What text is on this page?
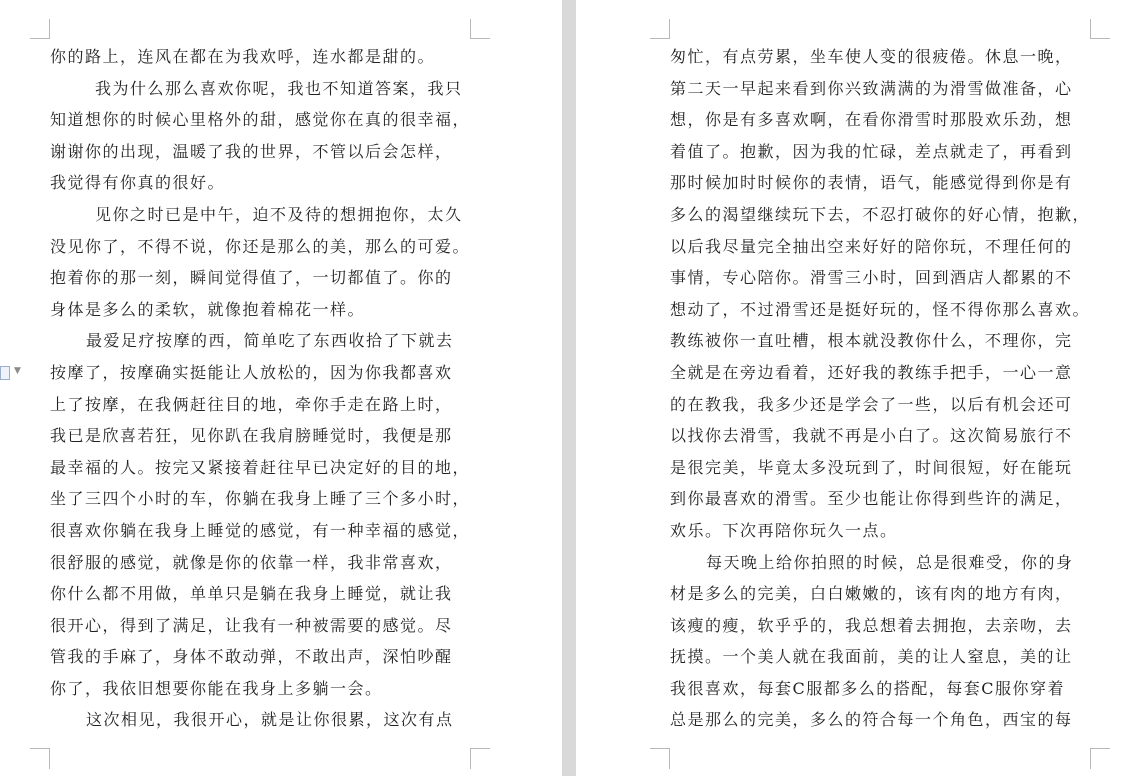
你的路上，连风在都在为我欢呼，连水都是甜的。
我为什么那么喜欢你呢，我也不知道答案，我只
知道想你的时候心里格外的甜，感觉你在真的很幸福，
谢谢你的出现，温暖了我的世界，不管以后会怎样，
我觉得有你真的很好。
见你之时已是中午，迫不及待的想拥抱你，太久
没见你了，不得不说，你还是那么的美，那么的可爱。
抱着你的那一刻，瞬间觉得值了，一切都值了。你的
身体是多么的柔软，就像抱着棉花一样。
最爱足疗按摩的西，简单吃了东西收拾了下就去
按摩了，按摩确实挺能让人放松的，因为你我都喜欢
上了按摩，在我俩赶往目的地，牵你手走在路上时，
我已是欣喜若狂，见你趴在我肩膀睡觉时，我便是那
最幸福的人。按完又紧接着赶往早已决定好的目的地，
坐了三四个小时的车，你躺在我身上睡了三个多小时，
很喜欢你躺在我身上睡觉的感觉，有一种幸福的感觉，
很舒服的感觉，就像是你的依靠一样，我非常喜欢，
你什么都不用做，单单只是躺在我身上睡觉，就让我
很开心，得到了满足，让我有一种被需要的感觉。尽
管我的手麻了，身体不敢动弹，不敢出声，深怕吵醒
你了，我依旧想要你能在我身上多躺一会。
这次相见，我很开心，就是让你很累，这次有点
▼
匆忙，有点劳累，坐车使人变的很疲倦。休息一晚，
第二天一早起来看到你兴致满满的为滑雪做准备，心
想，你是有多喜欢啊，在看你滑雪时那股欢乐劲，想
着值了。抱歉，因为我的忙碌，差点就走了，再看到
那时候加时时候你的表情，语气，能感觉得到你是有
多么的渴望继续玩下去，不忍打破你的好心情，抱歉，
以后我尽量完全抽出空来好好的陪你玩，不理任何的
事情，专心陪你。滑雪三小时，回到酒店人都累的不
想动了，不过滑雪还是挺好玩的，怪不得你那么喜欢。
教练被你一直吐槽，根本就没教你什么，不理你，完
全就是在旁边看着，还好我的教练手把手，一心一意
的在教我，我多少还是学会了一些，以后有机会还可
以找你去滑雪，我就不再是小白了。这次简易旅行不
是很完美，毕竟太多没玩到了，时间很短，好在能玩
到你最喜欢的滑雪。至少也能让你得到些许的满足，
欢乐。下次再陪你玩久一点。
每天晚上给你拍照的时候，总是很难受，你的身
材是多么的完美，白白嫩嫩的，该有肉的地方有肉，
该瘦的瘦，软乎乎的，我总想着去拥抱，去亲吻，去
抚摸。一个美人就在我面前，美的让人窒息，美的让
我很喜欢，每套C服都多么的搭配，每套C服你穿着
总是那么的完美，多么的符合每一个角色，西宝的每
